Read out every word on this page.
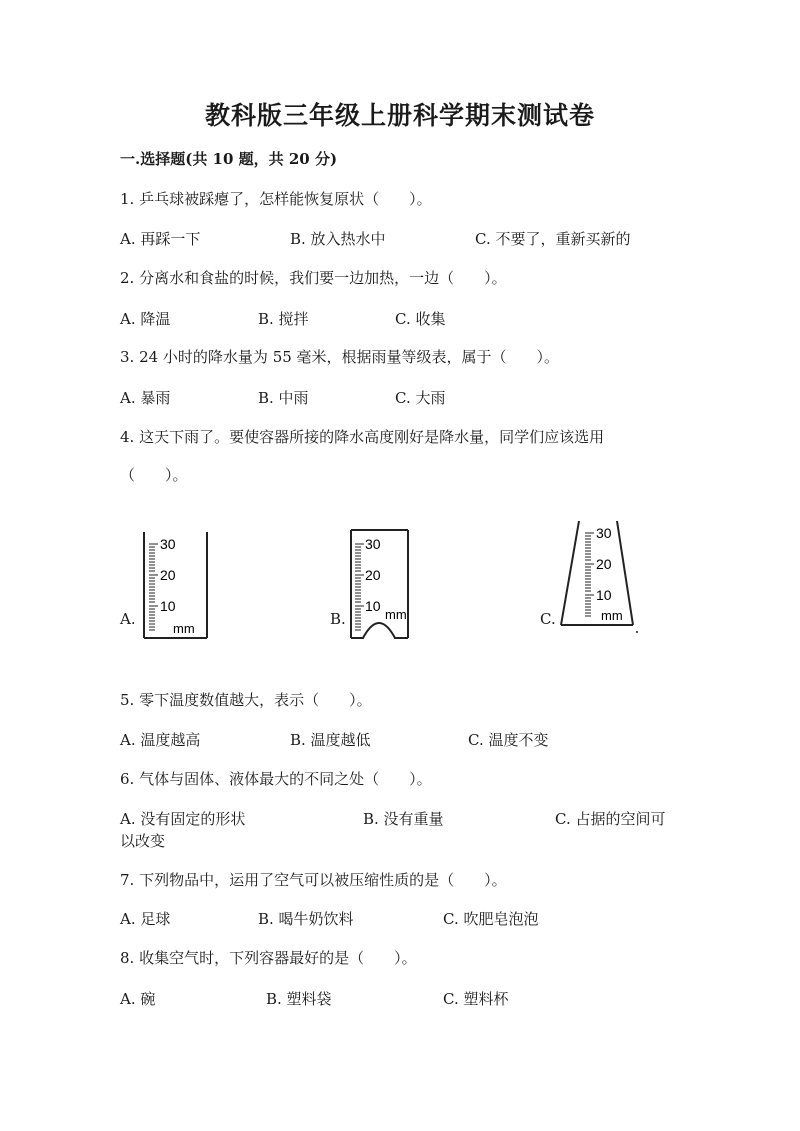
教科版三年级上册科学期末测试卷
一.选择题(共 10 题，共 20 分)
1. 乒乓球被踩瘪了，怎样能恢复原状（　　）。
A. 再踩一下	B. 放入热水中	C. 不要了，重新买新的
2. 分离水和食盐的时候，我们要一边加热，一边（　　）。
A. 降温	B. 搅拌	C. 收集
3. 24 小时的降水量为 55 毫米，根据雨量等级表，属于（　　）。
A. 暴雨	B. 中雨	C. 大雨
4. 这天下雨了。要使容器所接的降水高度刚好是降水量，同学们应该选用
（　　）。
A.
30
20
10
mm
B.
30
20
10
mm	C.
30
20
10
mm
5. 零下温度数值越大，表示（　　）。
A. 温度越高	B. 温度越低	C. 温度不变
6. 气体与固体、液体最大的不同之处（　　）。
A. 没有固定的形状	B. 没有重量	C. 占据的空间可
以改变
7. 下列物品中，运用了空气可以被压缩性质的是（　　）。
A. 足球	B. 喝牛奶饮料	C. 吹肥皂泡泡
8. 收集空气时，下列容器最好的是（　　）。
A. 碗	B. 塑料袋	C. 塑料杯
